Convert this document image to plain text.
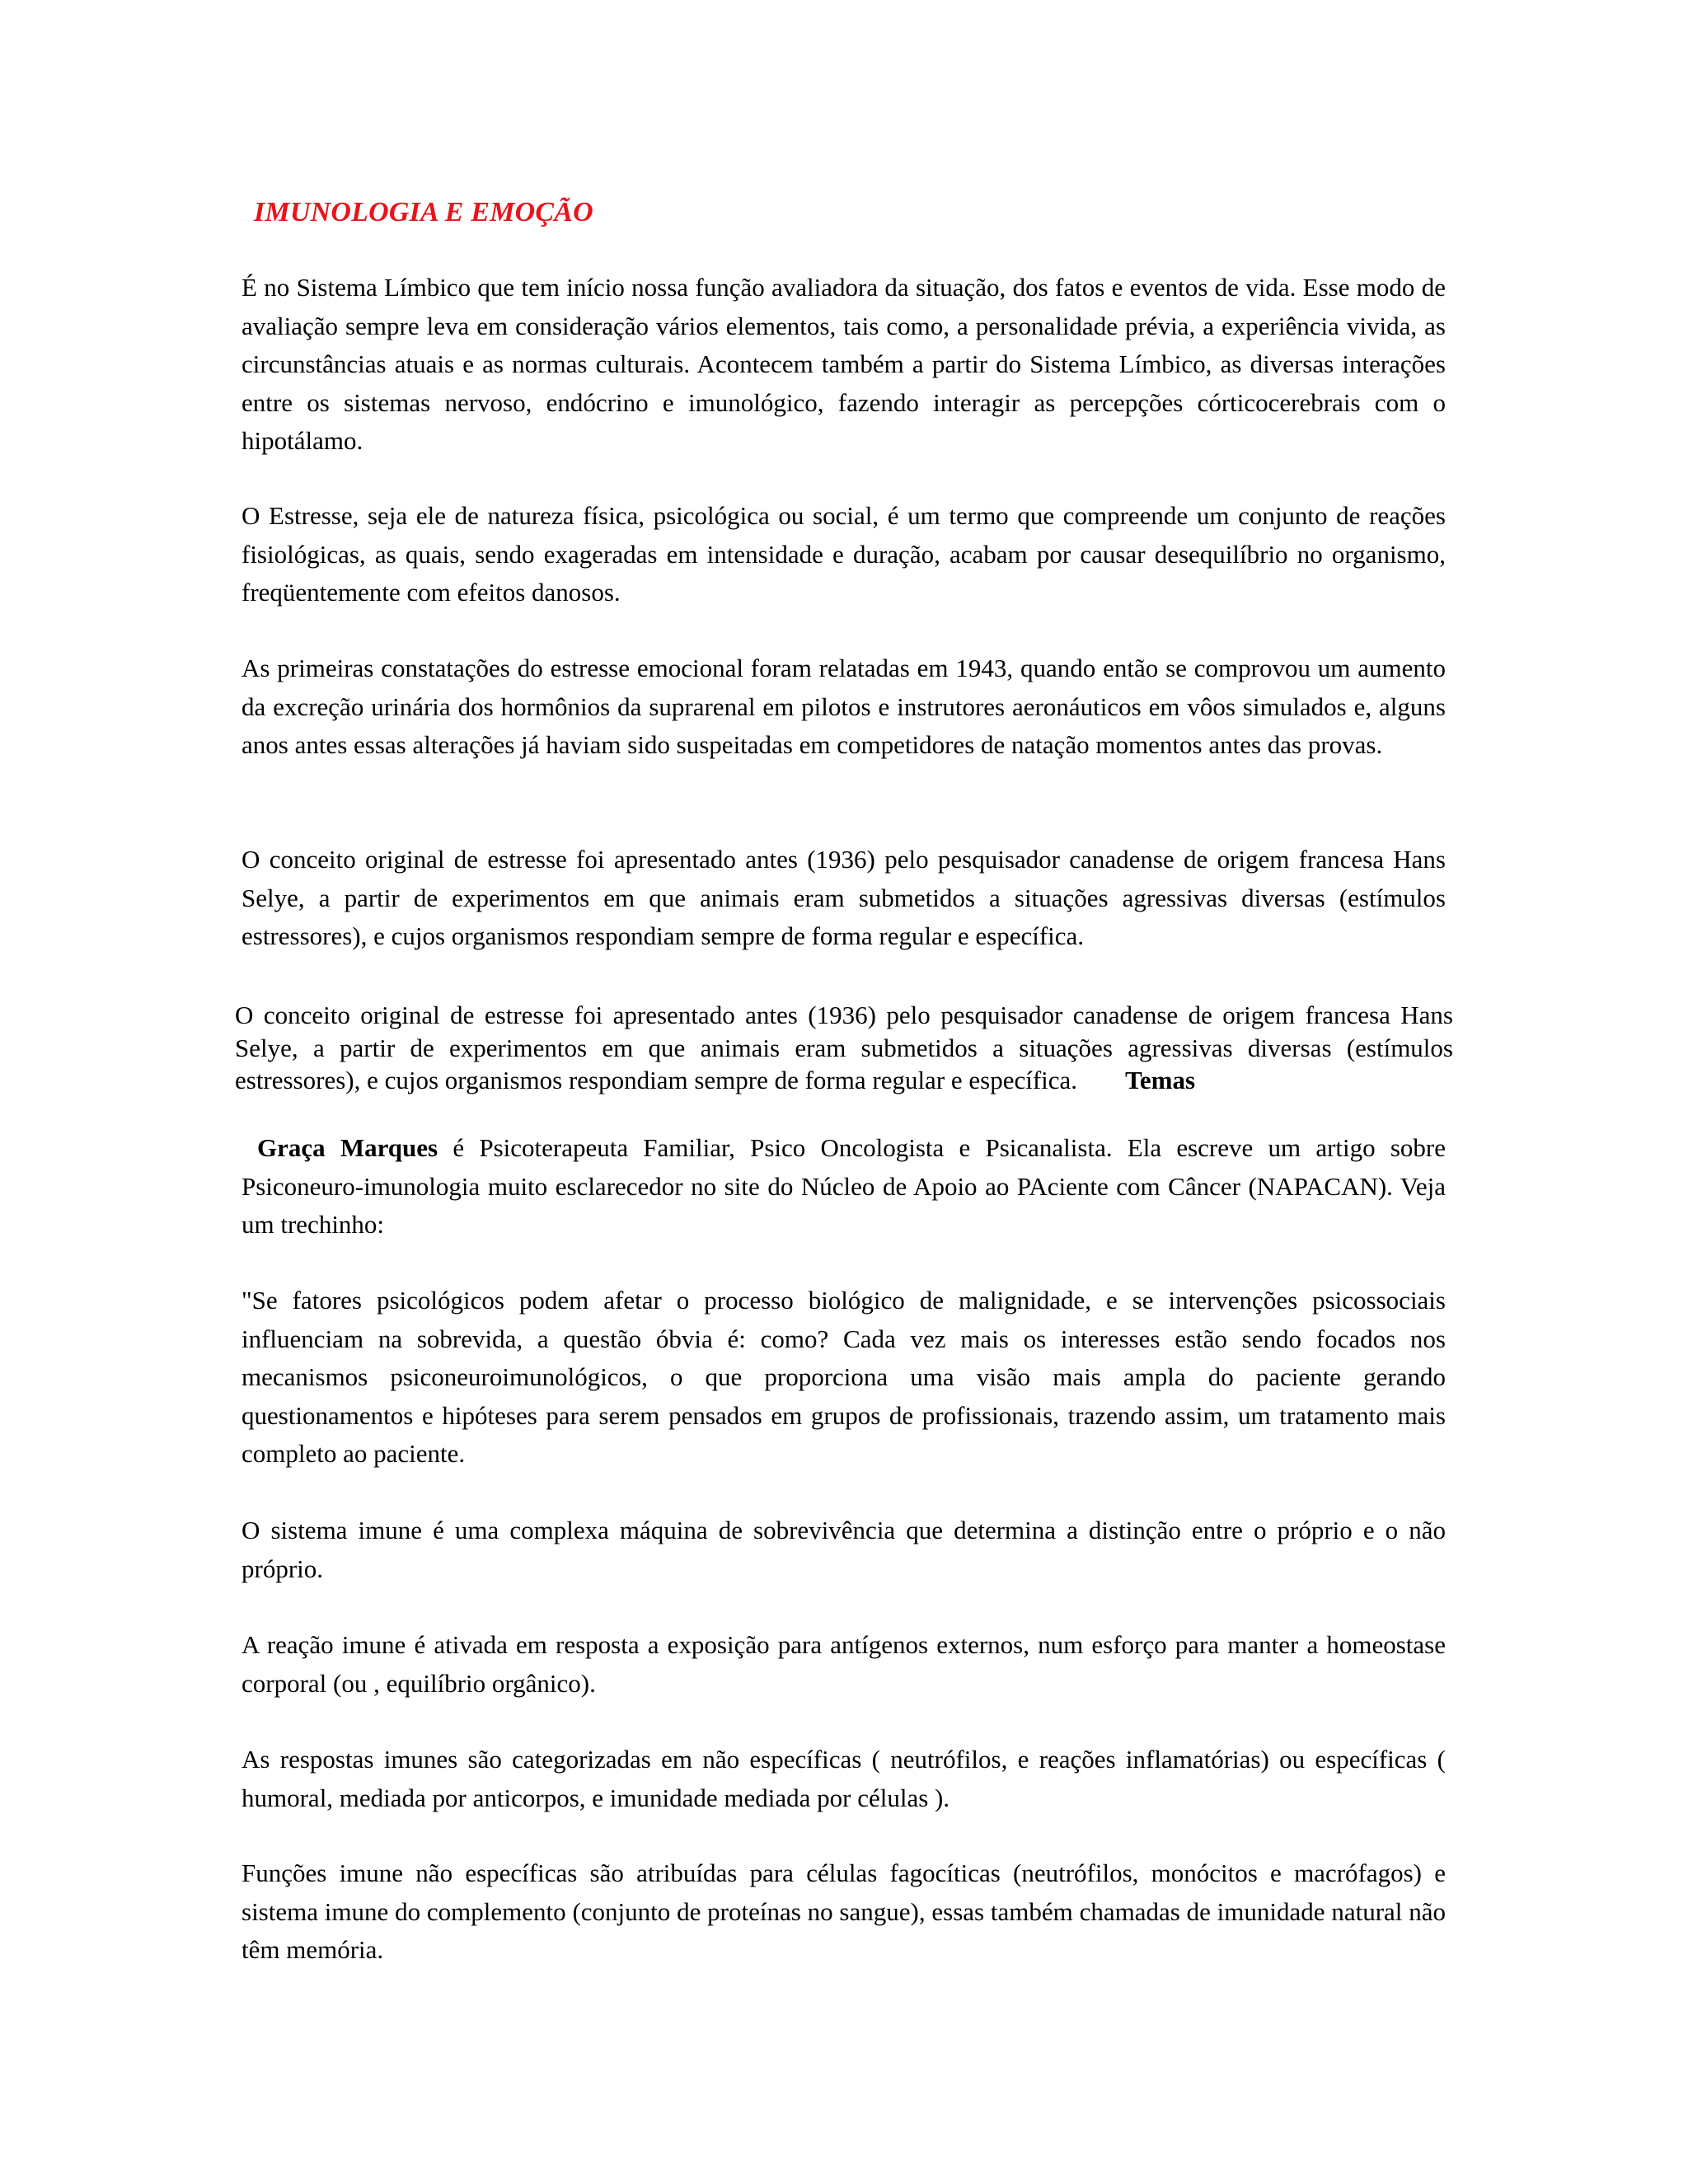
IMUNOLOGIA E EMOÇÃO

É no Sistema Límbico que tem início nossa função avaliadora da situação, dos fatos e eventos de vida. Esse modo de avaliação sempre leva em consideração vários elementos, tais como, a personalidade prévia, a experiência vivida, as circunstâncias atuais e as normas culturais. Acontecem também a partir do Sistema Límbico, as diversas interações entre os sistemas nervoso, endócrino e imunológico, fazendo interagir as percepções córticocerebrais com o hipotálamo.

O Estresse, seja ele de natureza física, psicológica ou social, é um termo que compreende um conjunto de reações fisiológicas, as quais, sendo exageradas em intensidade e duração, acabam por causar desequilíbrio no organismo, freqüentemente com efeitos danosos.

As primeiras constatações do estresse emocional foram relatadas em 1943, quando então se comprovou um aumento da excreção urinária dos hormônios da suprarenal em pilotos e instrutores aeronáuticos em vôos simulados e, alguns anos antes essas alterações já haviam sido suspeitadas em competidores de natação momentos antes das provas.

O conceito original de estresse foi apresentado antes (1936) pelo pesquisador canadense de origem francesa Hans Selye, a partir de experimentos em que animais eram submetidos a situações agressivas diversas (estímulos estressores), e cujos organismos respondiam sempre de forma regular e específica.

O conceito original de estresse foi apresentado antes (1936) pelo pesquisador canadense de origem francesa Hans Selye, a partir de experimentos em que animais eram submetidos a situações agressivas diversas (estímulos estressores), e cujos organismos respondiam sempre de forma regular e específica. Temas

Graça Marques é Psicoterapeuta Familiar, Psico Oncologista e Psicanalista. Ela escreve um artigo sobre Psiconeuro-imunologia muito esclarecedor no site do Núcleo de Apoio ao PAciente com Câncer (NAPACAN). Veja um trechinho:

"Se fatores psicológicos podem afetar o processo biológico de malignidade, e se intervenções psicossociais influenciam na sobrevida, a questão óbvia é: como? Cada vez mais os interesses estão sendo focados nos mecanismos psiconeuroimunológicos, o que proporciona uma visão mais ampla do paciente gerando questionamentos e hipóteses para serem pensados em grupos de profissionais, trazendo assim, um tratamento mais completo ao paciente.

O sistema imune é uma complexa máquina de sobrevivência que determina a distinção entre o próprio e o não próprio.

A reação imune é ativada em resposta a exposição para antígenos externos, num esforço para manter a homeostase corporal (ou , equilíbrio orgânico).

As respostas imunes são categorizadas em não específicas ( neutrófilos, e reações inflamatórias) ou específicas ( humoral, mediada por anticorpos, e imunidade mediada por células ).

Funções imune não específicas são atribuídas para células fagocíticas (neutrófilos, monócitos e macrófagos) e sistema imune do complemento (conjunto de proteínas no sangue), essas também chamadas de imunidade natural não têm memória.
